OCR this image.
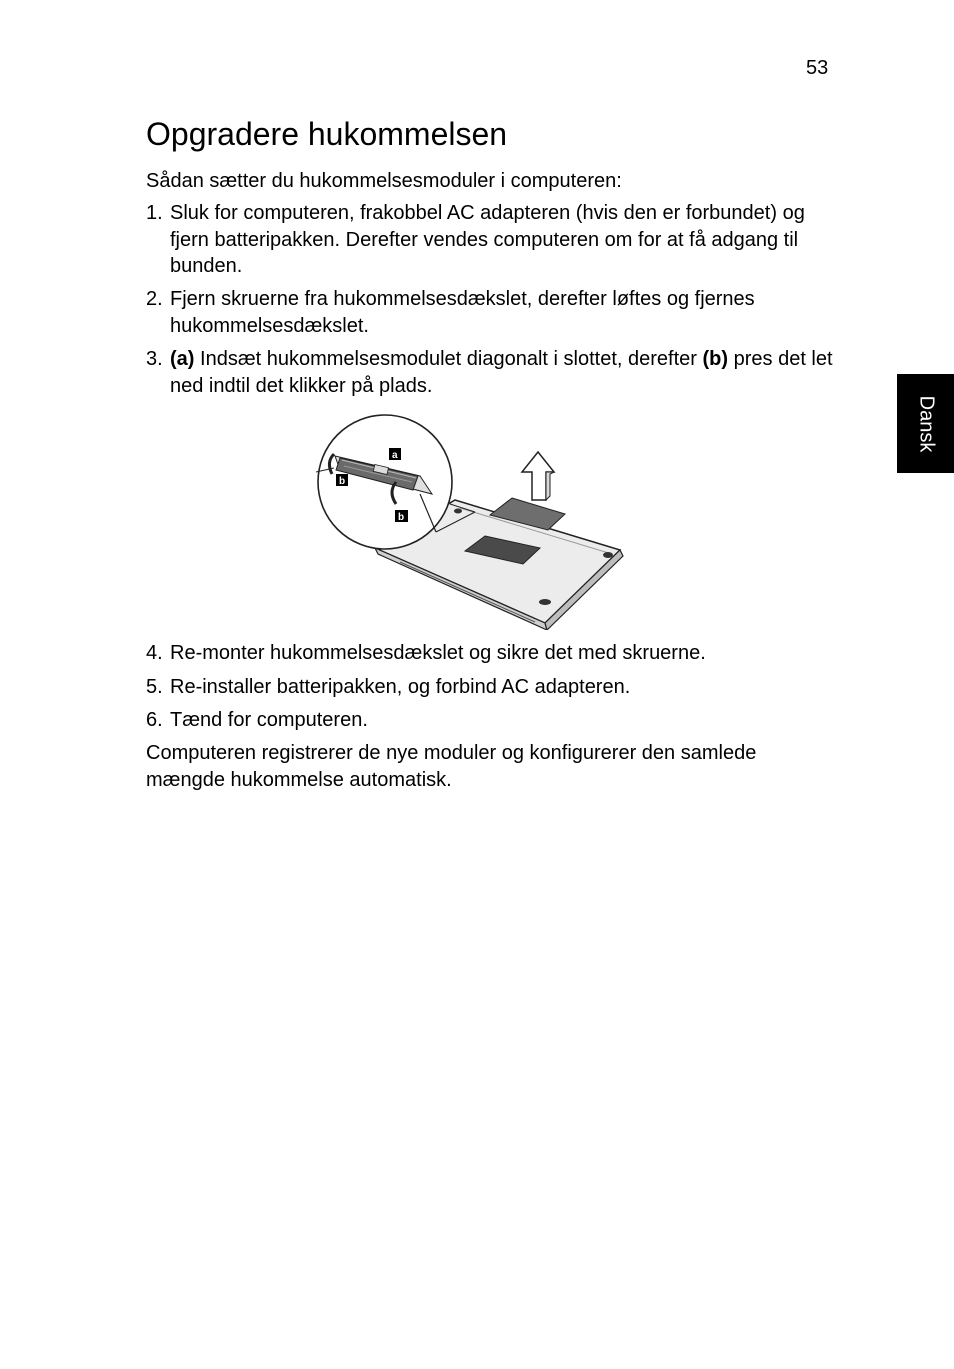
53
Opgradere hukommelsen

Sådan sætter du hukommelsesmoduler i computeren:

1. Sluk for computeren, frakobbel AC adapteren (hvis den er forbundet) og fjern batteripakken. Derefter vendes computeren om for at få adgang til bunden.
2. Fjern skruerne fra hukommelsesdækslet, derefter løftes og fjernes hukommelsesdækslet.
3. (a) Indsæt hukommelsesmodulet diagonalt i slottet, derefter (b) pres det let ned indtil det klikker på plads.
4. Re-monter hukommelsesdækslet og sikre det med skruerne.
5. Re-installer batteripakken, og forbind AC adapteren.
6. Tænd for computeren.

Computeren registrerer de nye moduler og konfigurerer den samlede mængde hukommelse automatisk.

Dansk
a
b
b
